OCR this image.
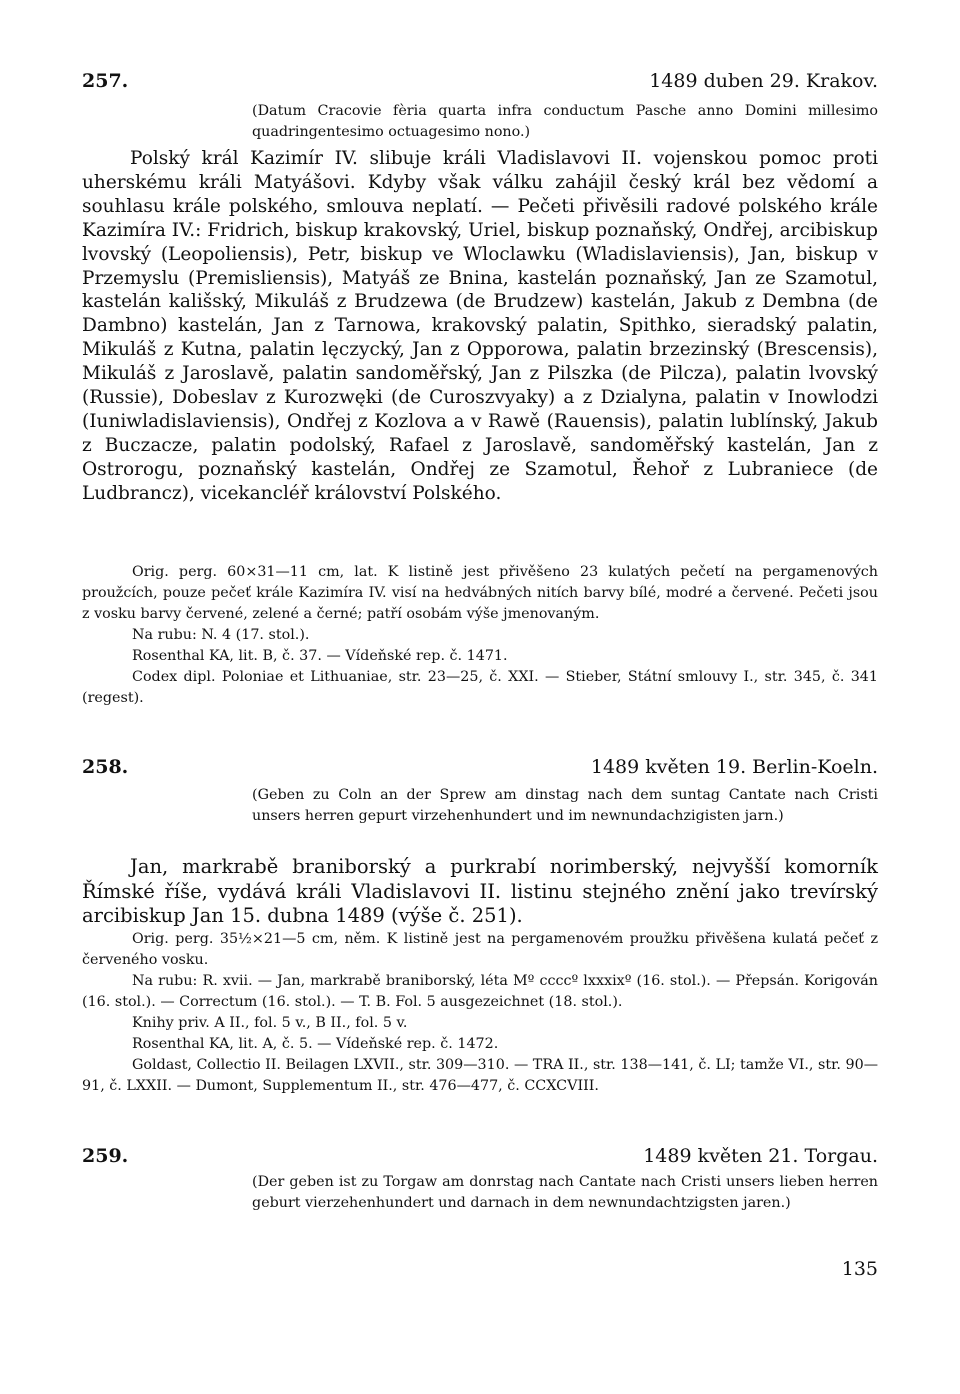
257.	1489 duben 29. Krakov.

(Datum Cracovie fèria quarta infra conductum Pasche anno Domini millesimo quadringentesimo octuagesimo nono.)

Polský král Kazimír IV. slibuje králi Vladislavovi II. vojenskou pomoc proti uherskému králi Matyášovi. Kdyby však válku zahájil český král bez vědomí a souhlasu krále polského, smlouva neplatí. — Pečeti přivěsili radové polského krále Kazimíra IV.: Fridrich, biskup krakovský, Uriel, biskup poznaňský, Ondřej, arcibiskup lvovský (Leopoliensis), Petr, biskup ve Wloclawku (Wladislaviensis), Jan, biskup v Przemyslu (Premisliensis), Matyáš ze Bnina, kastelán poznaňský, Jan ze Szamotul, kastelán kališský, Mikuláš z Brudzewa (de Brudzew) kastelán, Jakub z Dembna (de Dambno) kastelán, Jan z Tarnowa, krakovský palatin, Spithko, sieradský palatin, Mikuláš z Kutna, palatin lęczycký, Jan z Opporowa, palatin brzezinský (Brescensis), Mikuláš z Jaroslavě, palatin sandoměřský, Jan z Pilszka (de Pilcza), palatin lvovský (Russie), Dobeslav z Kurozwęki (de Curoszvyaky) a z Dzialyna, palatin v Inowlodzi (Iuniwladislaviensis), Ondřej z Kozlova a v Rawě (Rauensis), palatin lublínský, Jakub z Buczacze, palatin podolský, Rafael z Jaroslavě, sandoměřský kastelán, Jan z Ostrorogu, poznaňský kastelán, Ondřej ze Szamotul, Řehoř z Lubraniece (de Ludbrancz), vicekancléř království Polského.

Orig. perg. 60×31—11 cm, lat. K listině jest přivěšeno 23 kulatých pečetí na pergamenových proužcích, pouze pečeť krále Kazimíra IV. visí na hedvábných nitích barvy bílé, modré a červené. Pečeti jsou z vosku barvy červené, zelené a černé; patří osobám výše jmenovaným.
Na rubu: N. 4 (17. stol.).
Rosenthal KA, lit. B, č. 37. — Vídeňské rep. č. 1471.
Codex dipl. Poloniae et Lithuaniae, str. 23—25, č. XXI. — Stieber, Státní smlouvy I., str. 345, č. 341 (regest).
258.	1489 květen 19. Berlin-Koeln.

(Geben zu Coln an der Sprew am dinstag nach dem suntag Cantate nach Cristi unsers herren gepurt virzehenhundert und im newnundachzigisten jarn.)

Jan, markrabě braniborský a purkrabí norimberský, nejvyšší komorník Římské říše, vydává králi Vladislavovi II. listinu stejného znění jako trevírský arcibiskup Jan 15. dubna 1489 (výše č. 251).

Orig. perg. 35½×21—5 cm, něm. K listině jest na pergamenovém proužku přivěšena kulatá pečeť z červeného vosku.
Na rubu: R. xvii. — Jan, markrabě braniborský, léta Mº ccccº lxxxixº (16. stol.). — Přepsán. Korigován (16. stol.). — Correctum (16. stol.). — T. B. Fol. 5 ausgezeichnet (18. stol.).
Knihy priv. A II., fol. 5 v., B II., fol. 5 v.
Rosenthal KA, lit. A, č. 5. — Vídeňské rep. č. 1472.
Goldast, Collectio II. Beilagen LXVII., str. 309—310. — TRA II., str. 138—141, č. LI; tamže VI., str. 90—91, č. LXXII. — Dumont, Supplementum II., str. 476—477, č. CCXCVIII.
259.	1489 květen 21. Torgau.

(Der geben ist zu Torgaw am donrstag nach Cantate nach Cristi unsers lieben herren geburt vierzehenhundert und darnach in dem newnundachtzigsten jaren.)

135
